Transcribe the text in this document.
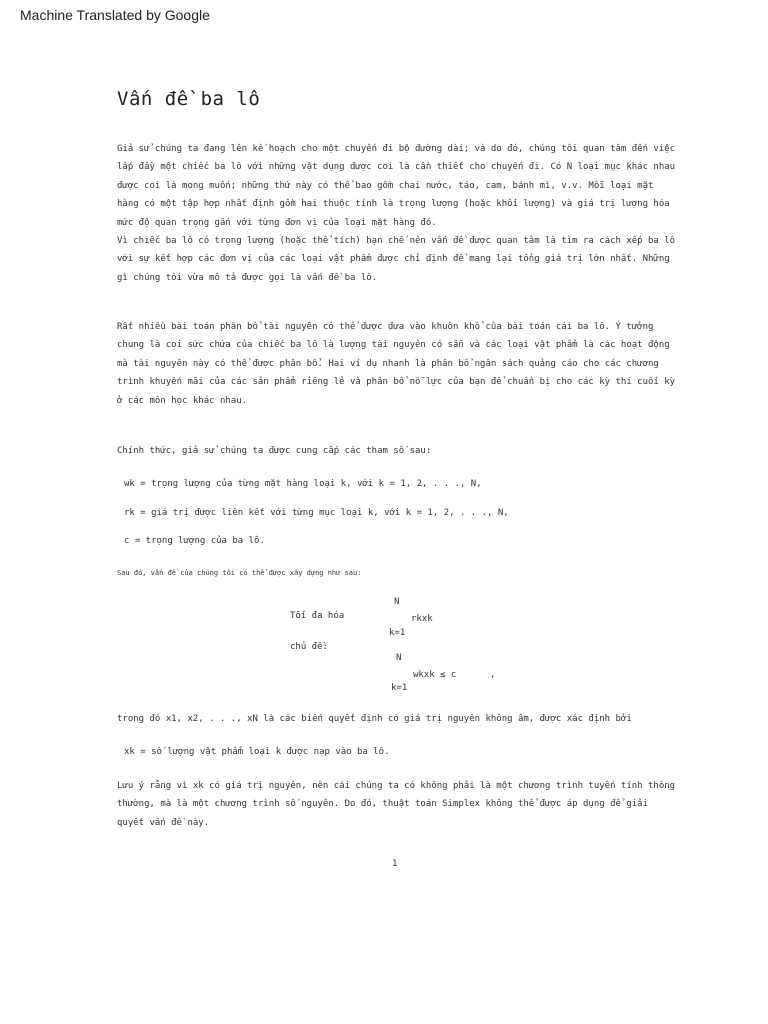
Machine Translated by Google
Vấn đề ba lô
Giả sử chúng ta đang lên kế hoạch cho một chuyến đi bộ đường dài; và do đó, chúng tôi quan tâm đến việc lấp đầy một chiếc ba lô với những vật dụng được coi là cần thiết cho chuyến đi. Có N loại mục khác nhau được coi là mong muốn; những thứ này có thể bao gồm chai nước, táo, cam, bánh mì, v.v. Mỗi loại mặt hàng có một tập hợp nhất định gồm hai thuộc tính là trọng lượng (hoặc khối lượng) và giá trị lượng hóa mức độ quan trọng gắn với từng đơn vị của loại mặt hàng đó.
Vì chiếc ba lô có trọng lượng (hoặc thể tích) hạn chế nên vấn đề được quan tâm là tìm ra cách xếp ba lô với sự kết hợp các đơn vị của các loại vật phẩm được chỉ định để mang lại tổng giá trị lớn nhất. Những gì chúng tôi vừa mô tả được gọi là vấn đề ba lô.
Rất nhiều bài toán phân bổ tài nguyên có thể được đưa vào khuôn khổ của bài toán cái ba lô. Ý tưởng chung là coi sức chứa của chiếc ba lô là lượng tài nguyên có sẵn và các loại vật phẩm là các hoạt động mà tài nguyên này có thể được phân bổ. Hai ví dụ nhanh là phân bổ ngân sách quảng cáo cho các chương trình khuyến mãi của các sản phẩm riêng lẻ và phân bổ nỗ lực của bạn để chuẩn bị cho các kỳ thi cuối kỳ ở các môn học khác nhau.
Chính thức, giả sử chúng ta được cung cấp các tham số sau:
wk = trọng lượng của từng mặt hàng loại k, với k = 1, 2, . . ., N,
rk = giá trị được liên kết với từng mục loại k, với k = 1, 2, . . ., N,
c = trọng lượng của ba lô.
Sau đó, vấn đề của chúng tôi có thể được xây dựng như sau:
N
Tối đa hóa	rkxk
k=1
chủ đề:
N
wkxk ≤ c	,
k=1
trong đó x1, x2, . . ., xN là các biến quyết định có giá trị nguyên không âm, được xác định bởi
xk = số lượng vật phẩm loại k được nạp vào ba lô.
Lưu ý rằng vì xk có giá trị nguyên, nên cái chúng ta có không phải là một chương trình tuyến tính thông thường, mà là một chương trình số nguyên. Do đó, thuật toán Simplex không thể được áp dụng để giải quyết vấn đề này.
1
